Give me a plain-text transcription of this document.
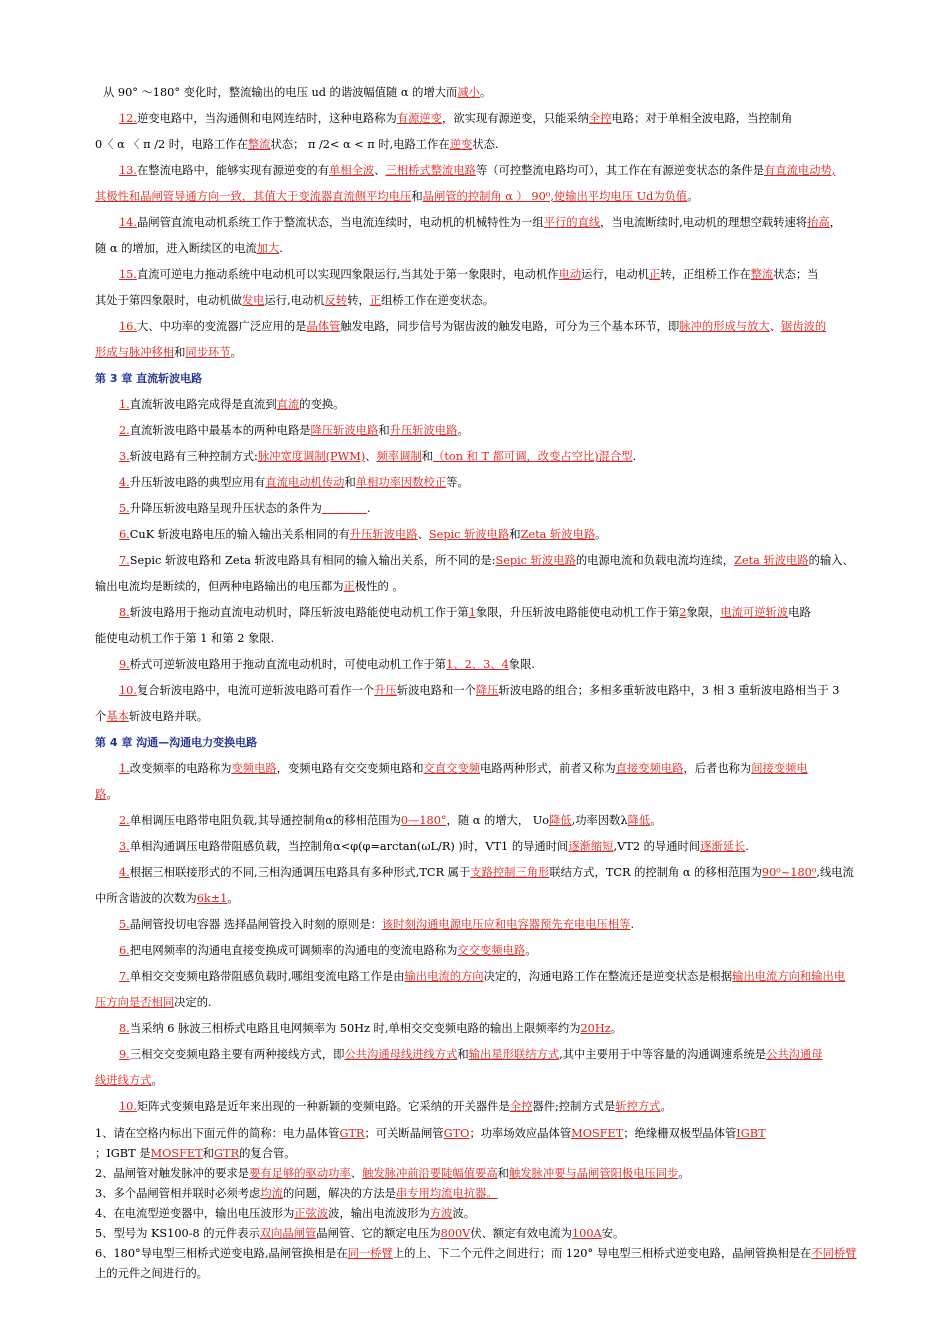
从 90° ～180° 变化时，整流输出的电压 ud 的谐波幅值随 α 的增大而减小。
12.逆变电路中，当沟通侧和电网连结时，这种电路称为有源逆变，欲实现有源逆变，只能采纳全控电路；对于单相全波电路，当控制角
0〈 α 〈 π /2 时，电路工作在整流状态； π /2< α < π 时,电路工作在逆变状态.
13.在整流电路中，能够实现有源逆变的有单相全波、三相桥式整流电路等（可控整流电路均可），其工作在有源逆变状态的条件是有直流电动势,
其极性和晶闸管导通方向一致，其值大于变流器直流侧平均电压和晶闸管的控制角 α ） 90⁰,使输出平均电压 Ud为负值。
14.晶闸管直流电动机系统工作于整流状态，当电流连续时，电动机的机械特性为一组平行的直线，当电流断续时,电动机的理想空载转速将抬高，
随 α 的增加，进入断续区的电流加大.
15.直流可逆电力拖动系统中电动机可以实现四象限运行,当其处于第一象限时，电动机作电动运行，电动机正转，正组桥工作在整流状态；当
其处于第四象限时，电动机做发电运行,电动机反转转，正组桥工作在逆变状态。
16.大、中功率的变流器广泛应用的是晶体管触发电路，同步信号为锯齿波的触发电路，可分为三个基本环节，即脉冲的形成与放大、锯齿波的
形成与脉冲移相和同步环节。
第 3 章 直流斩波电路
1.直流斩波电路完成得是直流到直流的变换。
2.直流斩波电路中最基本的两种电路是降压斩波电路和升压斩波电路。
3.斩波电路有三种控制方式:脉冲宽度调制(PWM)、频率调制和（ton 和 T 都可调，改变占空比)混合型.
4.升压斩波电路的典型应用有直流电动机传动和单相功率因数校正等。
5.升降压斩波电路呈现升压状态的条件为　　　　	.
6.CuK 斩波电路电压的输入输出关系相同的有升压斩波电路、Sepic 斩波电路和Zeta 斩波电路。
7.Sepic 斩波电路和 Zeta 斩波电路具有相同的输入输出关系，所不同的是:Sepic 斩波电路的电源电流和负载电流均连续，Zeta 斩波电路的输入、
输出电流均是断续的，但两种电路输出的电压都为正极性的 。
8.斩波电路用于拖动直流电动机时，降压斩波电路能使电动机工作于第1象限，升压斩波电路能使电动机工作于第2象限，电流可逆斩波电路
能使电动机工作于第 1 和第 2 象限.
9.桥式可逆斩波电路用于拖动直流电动机时，可使电动机工作于第1、2、3、4象限.
10.复合斩波电路中，电流可逆斩波电路可看作一个升压斩波电路和一个降压斩波电路的组合；多相多重斩波电路中，3 相 3 重斩波电路相当于 3
个基本斩波电路并联。
第 4 章 沟通—沟通电力变换电路
1.改变频率的电路称为变频电路，变频电路有交交变频电路和交直交变频电路两种形式，前者又称为直接变频电路，后者也称为间接变频电
路。
2.单相调压电路带电阻负载,其导通控制角α的移相范围为0—180°，随 α 的增大， Uo降低,功率因数λ降低。
3.单相沟通调压电路带阻感负载，当控制角α<φ(φ=arctan(ωL/R) )时，VT1 的导通时间逐渐缩短,VT2 的导通时间逐渐延长.
4.根据三相联接形式的不同,三相沟通调压电路具有多种形式,TCR 属于支路控制三角形联结方式，TCR 的控制角 α 的移相范围为90⁰~180⁰,线电流
中所含谐波的次数为6k±1。
5.晶闸管投切电容器 选择晶闸管投入时刻的原则是：该时刻沟通电源电压应和电容器预先充电电压相等.
6.把电网频率的沟通电直接变换成可调频率的沟通电的变流电路称为交交变频电路。
7.单相交交变频电路带阻感负载时,哪组变流电路工作是由输出电流的方向决定的，沟通电路工作在整流还是逆变状态是根据输出电流方向和输出电
压方向是否相同决定的.
8.当采纳 6 脉波三相桥式电路且电网频率为 50Hz 时,单相交交变频电路的输出上限频率约为20Hz。
9.三相交交变频电路主要有两种接线方式，即公共沟通母线进线方式和输出星形联结方式,其中主要用于中等容量的沟通调速系统是公共沟通母
线进线方式。
10.矩阵式变频电路是近年来出现的一种新颖的变频电路。它采纳的开关器件是全控器件;控制方式是斩控方式。
1、请在空格内标出下面元件的简称：电力晶体管GTR；可关断晶闸管GTO；功率场效应晶体管MOSFET；绝缘栅双极型晶体管IGBT
；IGBT 是MOSFET和GTR的复合管。
2、晶闸管对触发脉冲的要求是要有足够的驱动功率、触发脉冲前沿要陡幅值要高和触发脉冲要与晶闸管阳极电压同步。
3、多个晶闸管相并联时必须考虑均流的问题，解决的方法是串专用均流电抗器。
4、在电流型逆变器中，输出电压波形为正弦波波，输出电流波形为方波波。
5、型号为 KS100-8 的元件表示双向晶闸管晶闸管、它的额定电压为800V伏、额定有效电流为100A安。
6、180°导电型三相桥式逆变电路,晶闸管换相是在同一桥臂上的上、下二个元件之间进行；而 120° 导电型三相桥式逆变电路，晶闸管换相是在不同桥臂
上的元件之间进行的。
